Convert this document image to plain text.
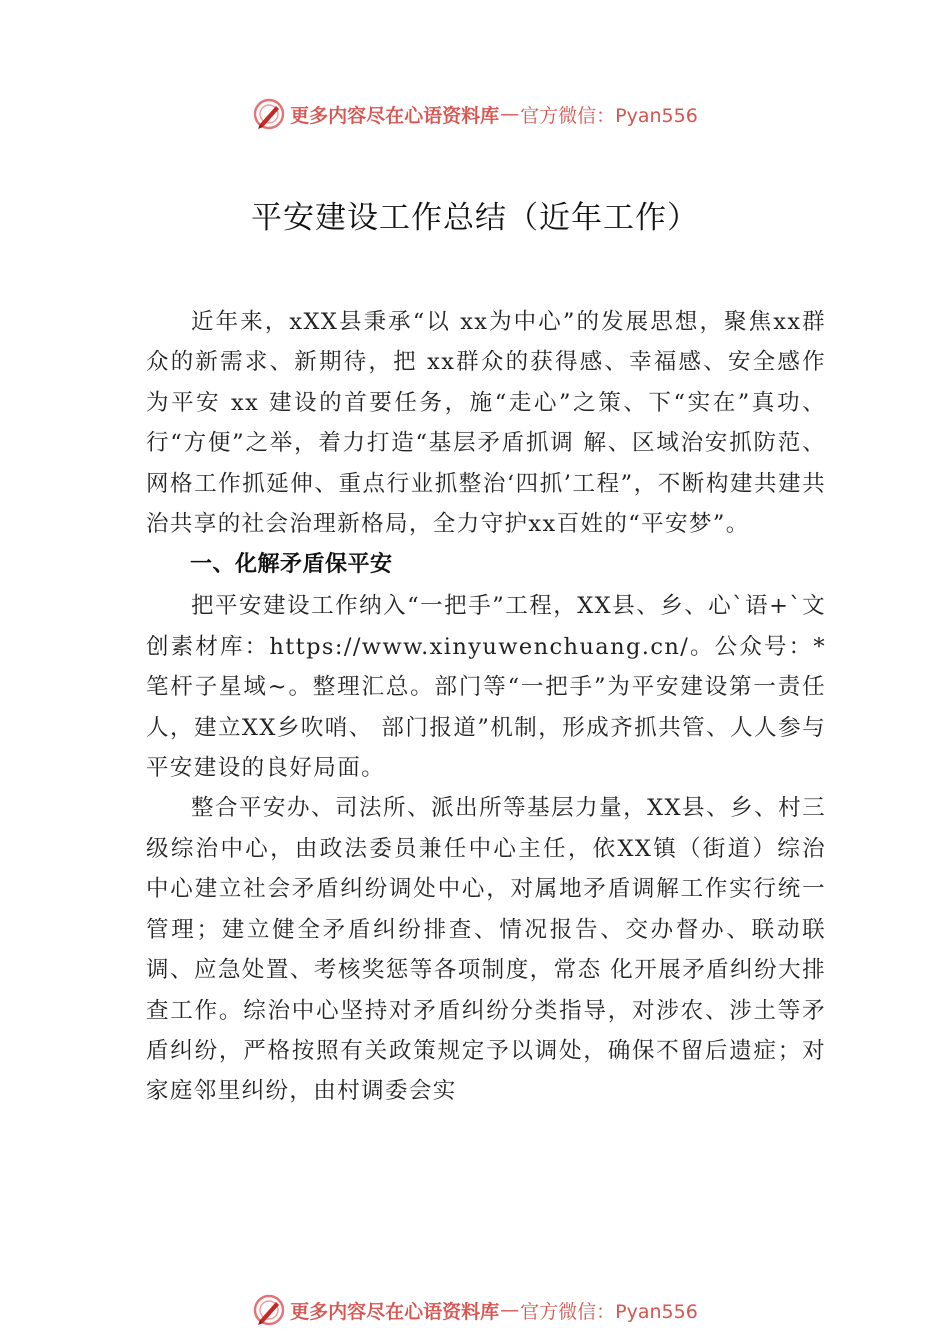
更多内容尽在心语资料库 — 官方微信：Pyan556
平安建设工作总结（近年工作）

近年来，xXX县秉承“以 xx为中心”的发展思想，聚焦xx群众的新需求、新期待，把 xx群众的获得感、幸福感、安全感作为平安 xx 建设的首要任务，施“走心”之策、下“实在”真功、行“方便”之举，着力打造“基层矛盾抓调 解、区域治安抓防范、网格工作抓延伸、重点行业抓整治‘四抓’工程”，不断构建共建共治共享的社会治理新格局，全力守护xx百姓的“平安梦”。

一、化解矛盾保平安

把平安建设工作纳入“一把手”工程，XX县、乡、心`语+`文创素材库：https://www.xinyuwenchuang.cn/。公众号：*笔杆子星域~。整理汇总。部门等“一把手”为平安建设第一责任人，建立XX乡吹哨、 部门报道”机制，形成齐抓共管、人人参与平安建设的良好局面。

整合平安办、司法所、派出所等基层力量，XX县、乡、村三级综治中心，由政法委员兼任中心主任，依XX镇（街道）综治中心建立社会矛盾纠纷调处中心，对属地矛盾调解工作实行统一管理；建立健全矛盾纠纷排查、情况报告、交办督办、联动联调、应急处置、考核奖惩等各项制度，常态 化开展矛盾纠纷大排查工作。综治中心坚持对矛盾纠纷分类指导，对涉农、涉土等矛盾纠纷，严格按照有关政策规定予以调处，确保不留后遗症；对家庭邻里纠纷，由村调委会实

更多内容尽在心语资料库 — 官方微信：Pyan556
